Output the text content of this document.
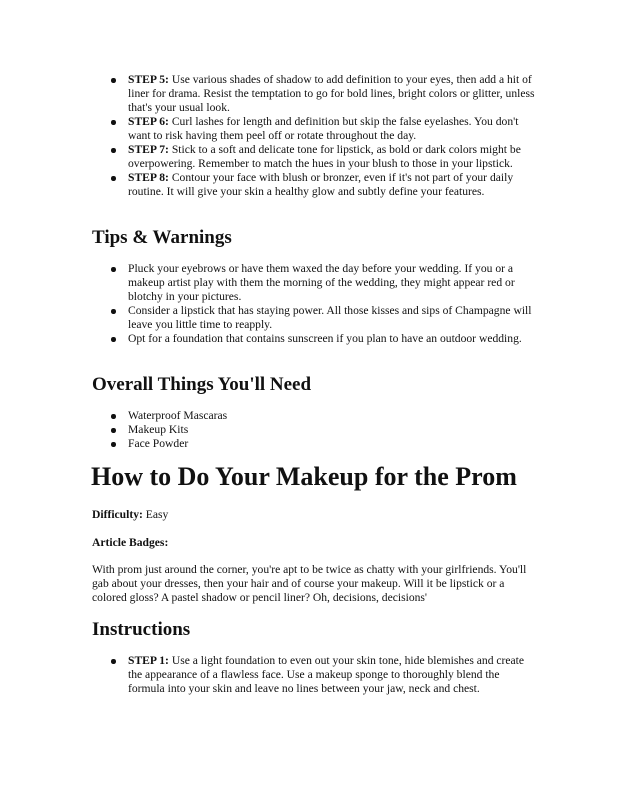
STEP 5: Use various shades of shadow to add definition to your eyes, then add a hit of liner for drama. Resist the temptation to go for bold lines, bright colors or glitter, unless that's your usual look.
STEP 6: Curl lashes for length and definition but skip the false eyelashes. You don't want to risk having them peel off or rotate throughout the day.
STEP 7: Stick to a soft and delicate tone for lipstick, as bold or dark colors might be overpowering. Remember to match the hues in your blush to those in your lipstick.
STEP 8: Contour your face with blush or bronzer, even if it's not part of your daily routine. It will give your skin a healthy glow and subtly define your features.
Tips & Warnings
Pluck your eyebrows or have them waxed the day before your wedding. If you or a makeup artist play with them the morning of the wedding, they might appear red or blotchy in your pictures.
Consider a lipstick that has staying power. All those kisses and sips of Champagne will leave you little time to reapply.
Opt for a foundation that contains sunscreen if you plan to have an outdoor wedding.
Overall Things You'll Need
Waterproof Mascaras
Makeup Kits
Face Powder
How to Do Your Makeup for the Prom

Difficulty: Easy

Article Badges:

With prom just around the corner, you're apt to be twice as chatty with your girlfriends. You'll gab about your dresses, then your hair and of course your makeup. Will it be lipstick or a colored gloss? A pastel shadow or pencil liner? Oh, decisions, decisions'

Instructions
STEP 1: Use a light foundation to even out your skin tone, hide blemishes and create the appearance of a flawless face. Use a makeup sponge to thoroughly blend the formula into your skin and leave no lines between your jaw, neck and chest.
